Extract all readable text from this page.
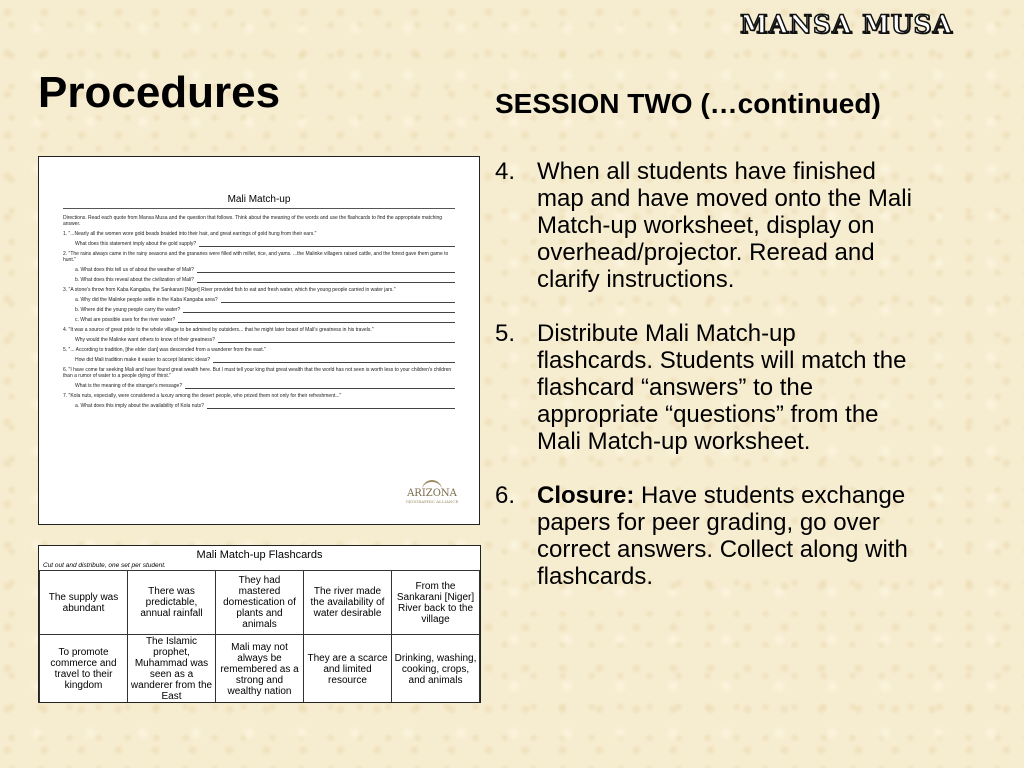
MANSA MUSA
Procedures	SESSION TWO (…continued)
4. When all students have finished map and have moved onto the Mali Match-up worksheet, display on overhead/projector. Reread and clarify instructions.
5. Distribute Mali Match-up flashcards. Students will match the flashcard “answers” to the appropriate “questions” from the Mali Match-up worksheet.
6. Closure: Have students exchange papers for peer grading, go over correct answers. Collect along with flashcards.
Mali Match-up
Directions. Read each quote from Mansa Musa and the question that follows. Think about the meaning of the words and use the flashcards to find the appropriate matching answer.
1. "...Nearly all the women wore gold beads braided into their hair, and great earrings of gold hung from their ears."
What does this statement imply about the gold supply?
2. "The rains always came in the rainy seasons and the granaries were filled with millet, rice, and yams. ...the Malinke villagers raised cattle, and the forest gave them game to hunt."
a. What does this tell us of about the weather of Mali?
b. What does this reveal about the civilization of Mali?
3. "A stone's throw from Kaba Kangaba, the Sankarani [Niger] River provided fish to eat and fresh water, which the young people carried in water jars."
a. Why did the Malinke people settle in the Kaba Kangaba area?
b. Where did the young people carry the water?
c. What are possible uses for the river water?
4. "It was a source of great pride to the whole village to be admired by outsiders... that he might later boast of Mali's greatness in his travels."
Why would the Malinke want others to know of their greatness?
5. "... According to tradition, [the elder clan] was descended from a wanderer from the east."
How did Mali tradition make it easier to accept Islamic ideas?
6. "I have come far seeking Mali and have found great wealth here. But I must tell your king that great wealth that the world has not seen is worth less to your children's children than a rumor of water to a people dying of thirst."
What is the meaning of the stranger's message?
7. "Kola nuts, especially, were considered a luxury among the desert people, who prized them not only for their refreshment..."
a. What does this imply about the availability of Kola nuts?
ARIZONA
GEOGRAPHIC ALLIANCE
Mali Match-up Flashcards
Cut out and distribute, one set per student.
The supply was abundant	There was predictable, annual rainfall	They had mastered domestication of plants and animals	The river made the availability of water desirable	From the Sankarani [Niger] River back to the village
To promote commerce and travel to their kingdom	The Islamic prophet, Muhammad was seen as a wanderer from the East	Mali may not always be remembered as a strong and wealthy nation	They are a scarce and limited resource	Drinking, washing, cooking, crops, and animals
